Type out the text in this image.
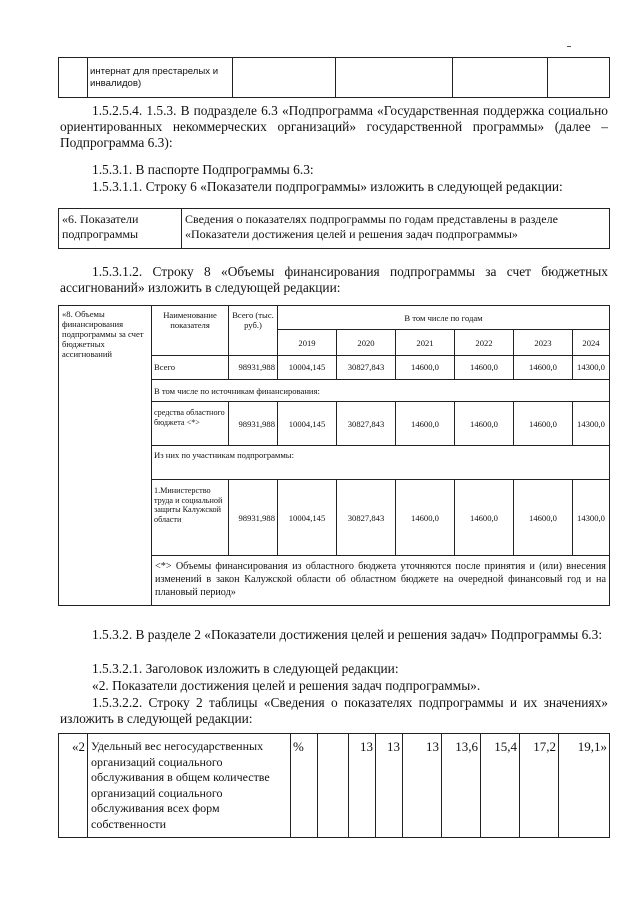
	интернат для престарелых и инвалидов)				
1.5.2.5.4. 1.5.3. В подразделе 6.3 «Подпрограмма «Государственная поддержка социально ориентированных некоммерческих организаций» государственной программы» (далее – Подпрограмма 6.3):
1.5.3.1. В паспорте Подпрограммы 6.3:
1.5.3.1.1. Строку 6 «Показатели подпрограммы» изложить в следующей редакции:
«6. Показатели подпрограммы	Сведения о показателях подпрограммы по годам представлены в разделе «Показатели достижения целей и решения задач подпрограммы»
1.5.3.1.2. Строку 8 «Объемы финансирования подпрограммы за счет бюджетных ассигнований» изложить в следующей редакции:
«8. Объемы финансирования подпрограммы за счет бюджетных ассигнований	Наименование показателя	Всего (тыс. руб.)	В том числе по годам					
			2019	2020	2021	2022	2023	2024
	Всего	98931,988	10004,145	30827,843	14600,0	14600,0	14600,0	14300,0
	В том числе по источникам финансирования:							
	средства областного бюджета <*>	98931,988	10004,145	30827,843	14600,0	14600,0	14600,0	14300,0
	Из них по участникам подпрограммы:							
	1.Министерство труда и социальной защиты Калужской области	98931,988	10004,145	30827,843	14600,0	14600,0	14600,0	14300,0
	<*> Объемы финансирования из областного бюджета уточняются после принятия и (или) внесения изменений в закон Калужской области об областном бюджете на очередной финансовый год и на плановый период»							
1.5.3.2. В разделе 2 «Показатели достижения целей и решения задач» Подпрограммы 6.3:
1.5.3.2.1. Заголовок изложить в следующей редакции:
«2. Показатели достижения целей и решения задач подпрограммы».
1.5.3.2.2. Строку 2 таблицы «Сведения о показателях подпрограммы и их значениях» изложить в следующей редакции:
«2	Удельный вес негосударственных организаций социального обслуживания в общем количестве организаций социального обслуживания всех форм собственности	%		13	13	13	13,6	15,4	17,2	19,1»
